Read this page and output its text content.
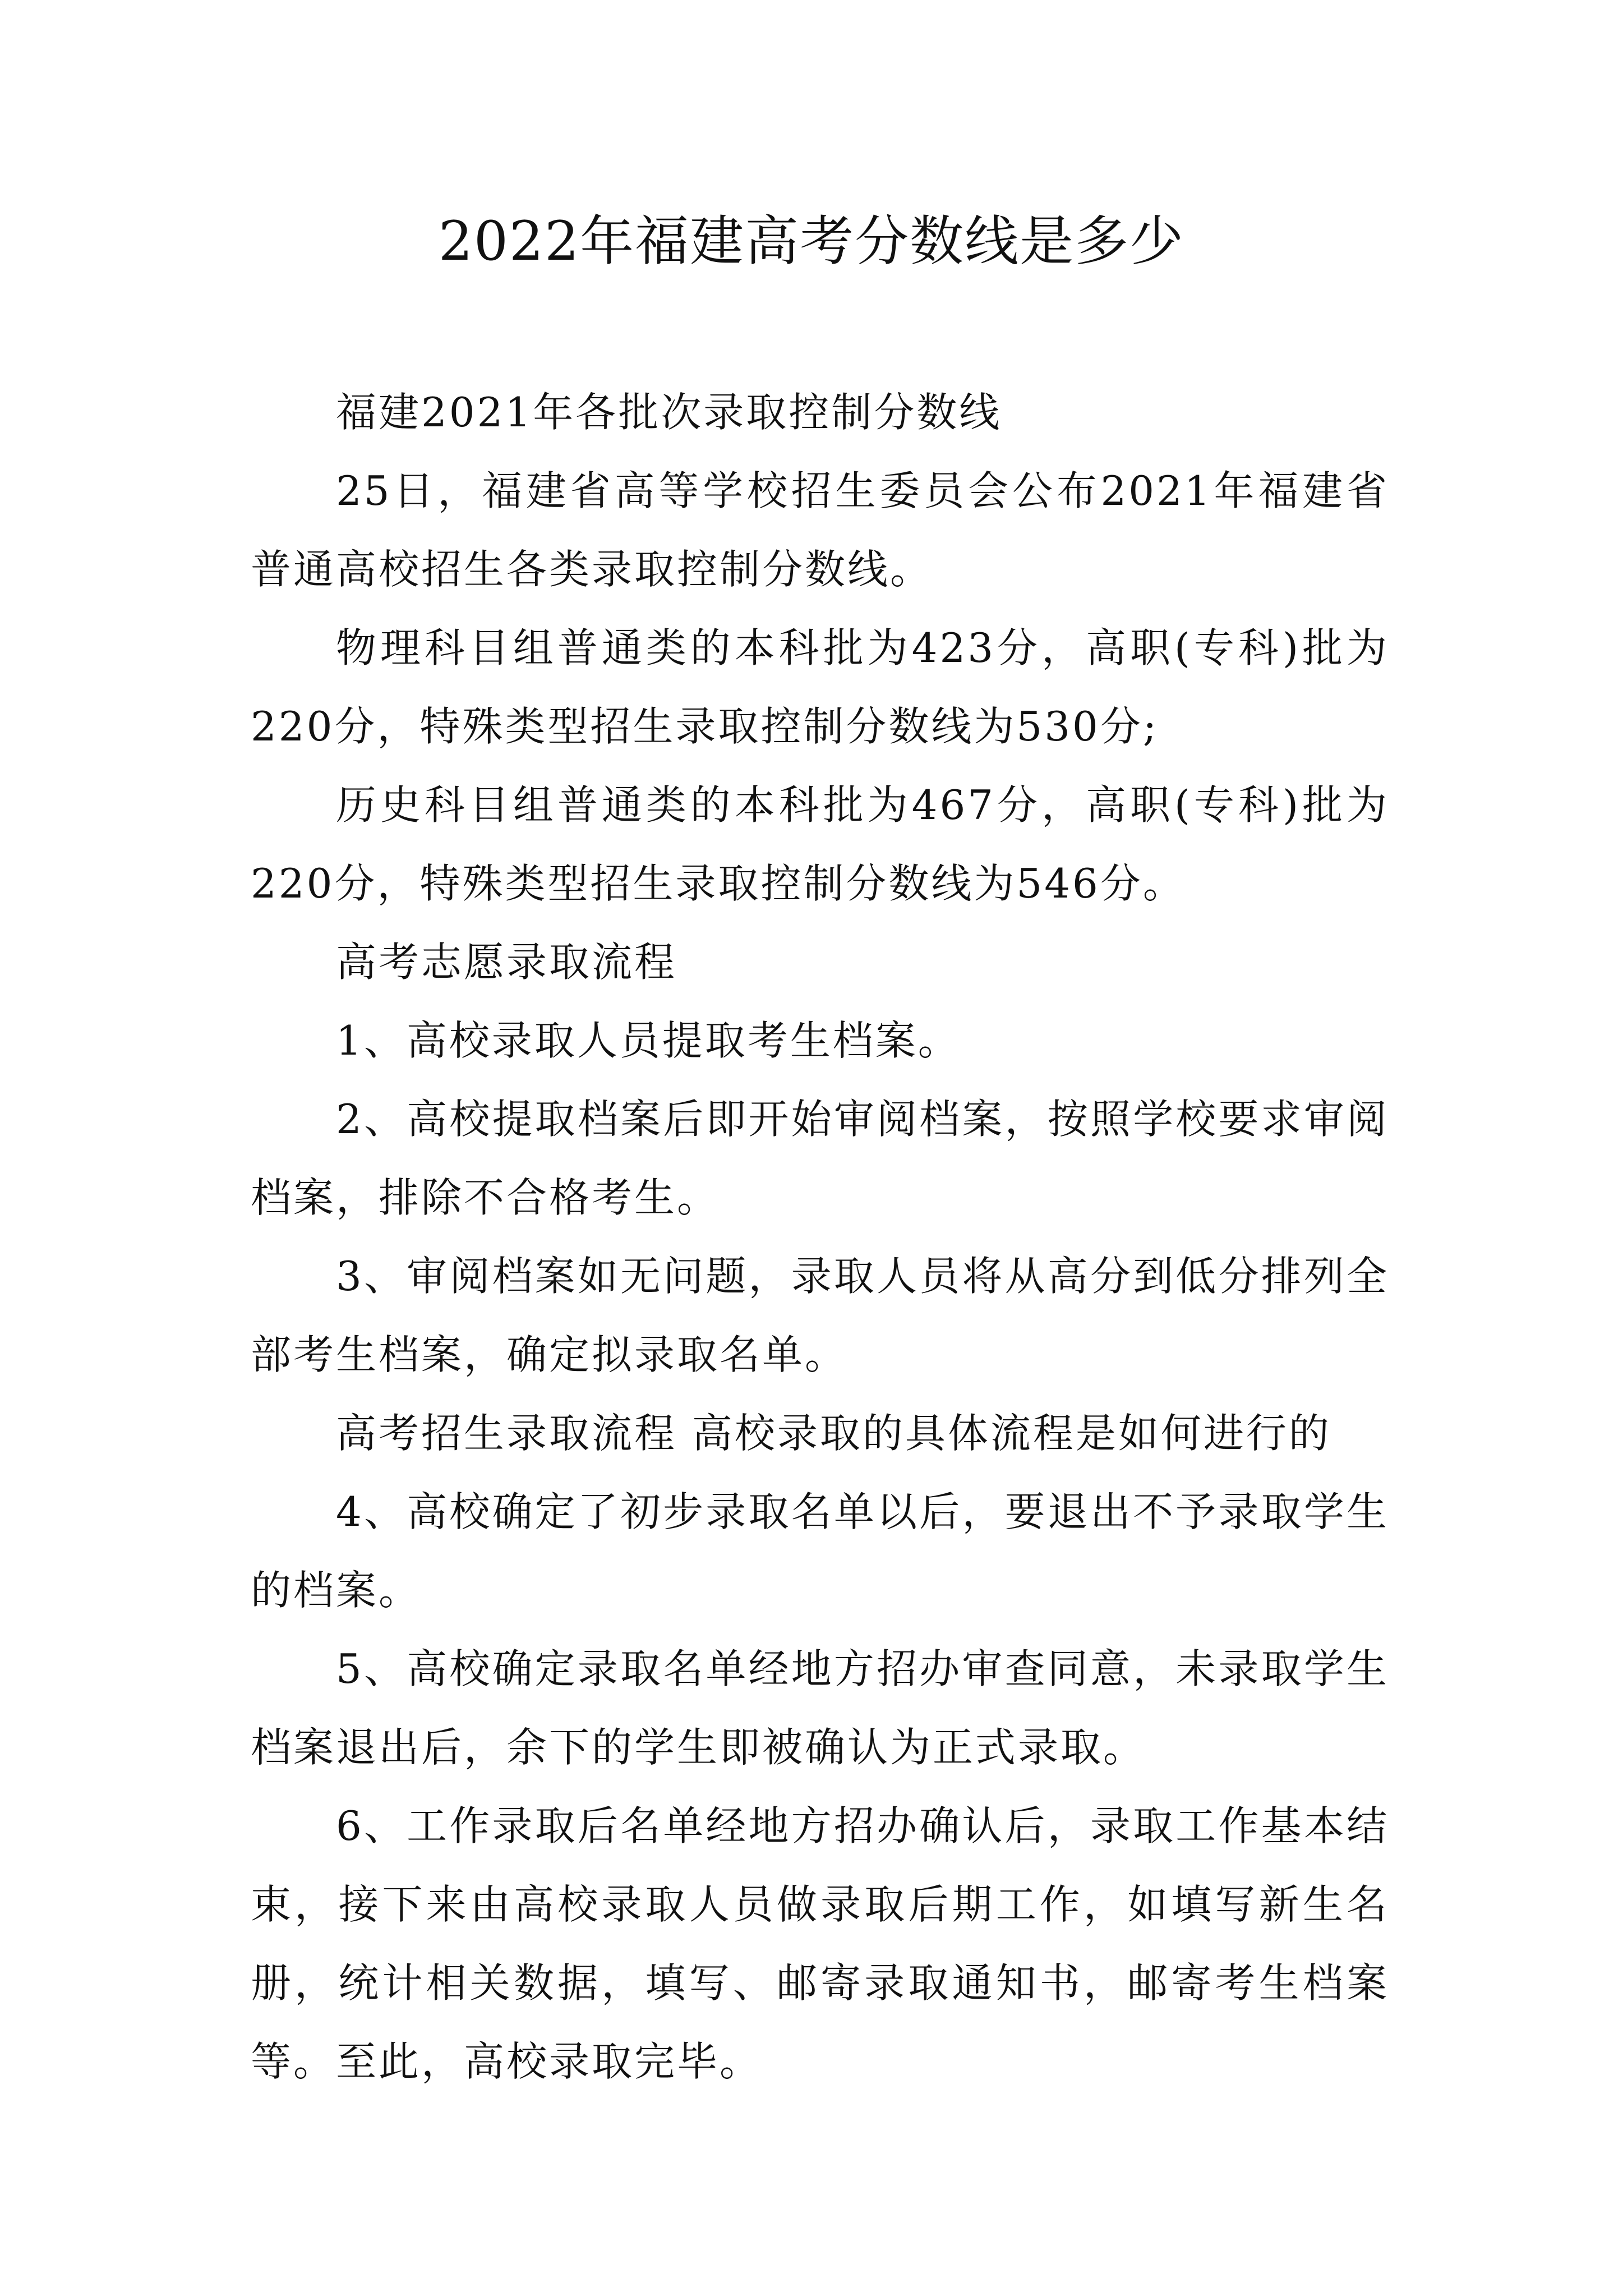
2022年福建高考分数线是多少

福建2021年各批次录取控制分数线

25日，福建省高等学校招生委员会公布2021年福建省普通高校招生各类录取控制分数线。

物理科目组普通类的本科批为423分，高职(专科)批为220分，特殊类型招生录取控制分数线为530分;

历史科目组普通类的本科批为467分，高职(专科)批为220分，特殊类型招生录取控制分数线为546分。

高考志愿录取流程

1、高校录取人员提取考生档案。

2、高校提取档案后即开始审阅档案，按照学校要求审阅档案，排除不合格考生。

3、审阅档案如无问题，录取人员将从高分到低分排列全部考生档案，确定拟录取名单。

高考招生录取流程 高校录取的具体流程是如何进行的

4、高校确定了初步录取名单以后，要退出不予录取学生的档案。

5、高校确定录取名单经地方招办审查同意，未录取学生档案退出后，余下的学生即被确认为正式录取。

6、工作录取后名单经地方招办确认后，录取工作基本结束，接下来由高校录取人员做录取后期工作，如填写新生名册，统计相关数据，填写、邮寄录取通知书，邮寄考生档案等。至此，高校录取完毕。
